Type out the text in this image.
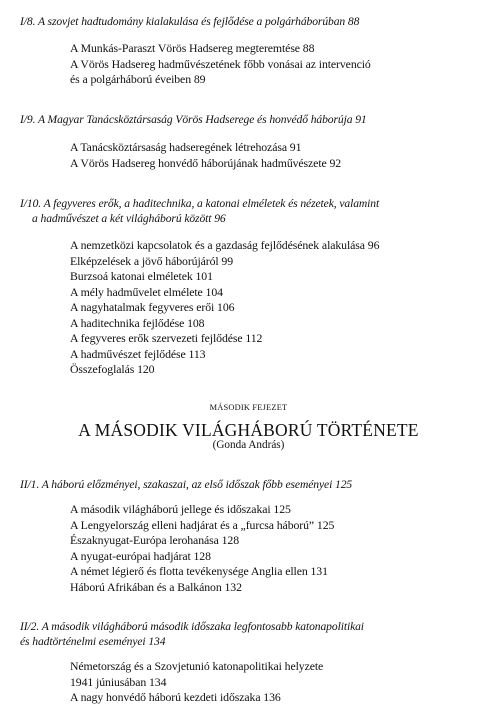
I/8. A szovjet hadtudomány kialakulása és fejlődése a polgárháborúban 88
A Munkás-Paraszt Vörös Hadsereg megteremtése 88
A Vörös Hadsereg hadművészetének főbb vonásai az intervenció
és a polgárháború éveiben 89
I/9. A Magyar Tanácsköztársaság Vörös Hadserege és honvédő háborúja 91
A Tanácsköztársaság hadseregének létrehozása 91
A Vörös Hadsereg honvédő háborújának hadművészete 92
I/10. A fegyveres erők, a haditechnika, a katonai elméletek és nézetek, valamint
a hadművészet a két világháború között 96
A nemzetközi kapcsolatok és a gazdaság fejlődésének alakulása 96
Elképzelések a jövő háborújáról 99
Burzsoá katonai elméletek 101
A mély hadművelet elmélete 104
A nagyhatalmak fegyveres erői 106
A haditechnika fejlődése 108
A fegyveres erők szervezeti fejlődése 112
A hadművészet fejlődése 113
Összefoglalás 120
MÁSODIK FEJEZET
A MÁSODIK VILÁGHÁBORÚ TÖRTÉNETE
(Gonda András)
II/1. A háború előzményei, szakaszai, az első időszak főbb eseményei 125
A második világháború jellege és időszakai 125
A Lengyelország elleni hadjárat és a „furcsa háború” 125
Északnyugat-Európa lerohanása 128
A nyugat-európai hadjárat 128
A német légierő és flotta tevékenysége Anglia ellen 131
Háború Afrikában és a Balkánon 132
II/2. A második világháború második időszaka legfontosabb katonapolitikai
és hadtörténelmi eseményei 134
Németország és a Szovjetunió katonapolitikai helyzete
1941 júniusában 134
A nagy honvédő háború kezdeti időszaka 136
